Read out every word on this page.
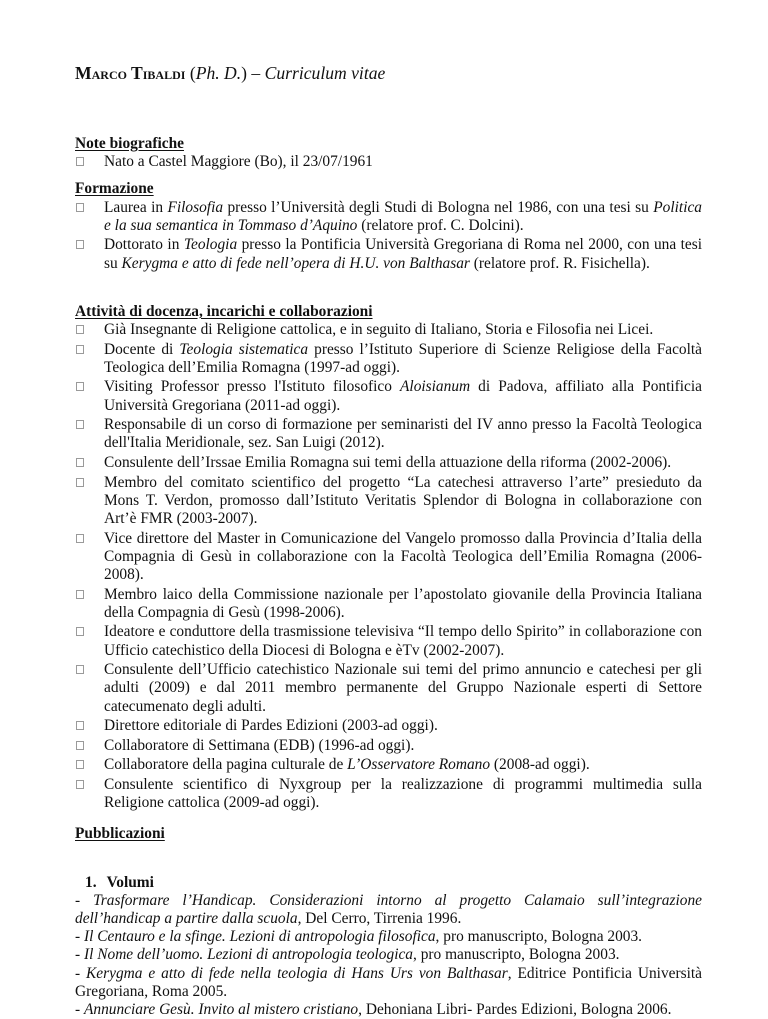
Marco Tibaldi (Ph. D.) – Curriculum vitae
Note biografiche
Nato a Castel Maggiore (Bo), il 23/07/1961
Formazione
Laurea in Filosofia presso l’Università degli Studi di Bologna nel 1986, con una tesi su Politica e la sua semantica in Tommaso d’Aquino (relatore prof. C. Dolcini).
Dottorato in Teologia presso la Pontificia Università Gregoriana di Roma nel 2000, con una tesi su Kerygma e atto di fede nell’opera di H.U. von Balthasar (relatore prof. R. Fisichella).
Attività di docenza, incarichi e collaborazioni
Già Insegnante di Religione cattolica, e in seguito di Italiano, Storia e Filosofia nei Licei.
Docente di Teologia sistematica presso l’Istituto Superiore di Scienze Religiose della Facoltà Teologica dell’Emilia Romagna (1997-ad oggi).
Visiting Professor presso l'Istituto filosofico Aloisianum di Padova, affiliato alla Pontificia Università Gregoriana (2011-ad oggi).
Responsabile di un corso di formazione per seminaristi del IV anno presso la Facoltà Teologica dell'Italia Meridionale, sez. San Luigi (2012).
Consulente dell’Irssae Emilia Romagna sui temi della attuazione della riforma (2002-2006).
Membro del comitato scientifico del progetto “La catechesi attraverso l’arte” presieduto da Mons T. Verdon, promosso dall’Istituto Veritatis Splendor di Bologna in collaborazione con Art’è FMR (2003-2007).
Vice direttore del Master in Comunicazione del Vangelo promosso dalla Provincia d’Italia della Compagnia di Gesù in collaborazione con la Facoltà Teologica dell’Emilia Romagna (2006-2008).
Membro laico della Commissione nazionale per l’apostolato giovanile della Provincia Italiana della Compagnia di Gesù (1998-2006).
Ideatore e conduttore della trasmissione televisiva “Il tempo dello Spirito” in collaborazione con Ufficio catechistico della Diocesi di Bologna e èTv (2002-2007).
Consulente dell’Ufficio catechistico Nazionale sui temi del primo annuncio e catechesi per gli adulti (2009) e dal 2011 membro permanente del Gruppo Nazionale esperti di Settore catecumenato degli adulti.
Direttore editoriale di Pardes Edizioni (2003-ad oggi).
Collaboratore di Settimana (EDB) (1996-ad oggi).
Collaboratore della pagina culturale de L’Osservatore Romano (2008-ad oggi).
Consulente scientifico di Nyxgroup per la realizzazione di programmi multimedia sulla Religione cattolica (2009-ad oggi).
Pubblicazioni
1. Volumi

- Trasformare l’Handicap. Considerazioni intorno al progetto Calamaio sull’integrazione dell’handicap a partire dalla scuola, Del Cerro, Tirrenia 1996.

- Il Centauro e la sfinge. Lezioni di antropologia filosofica, pro manuscripto, Bologna 2003.

- Il Nome dell’uomo. Lezioni di antropologia teologica, pro manuscripto, Bologna 2003.

- Kerygma e atto di fede nella teologia di Hans Urs von Balthasar, Editrice Pontificia Università Gregoriana, Roma 2005.

- Annunciare Gesù. Invito al mistero cristiano, Dehoniana Libri- Pardes Edizioni, Bologna 2006.
